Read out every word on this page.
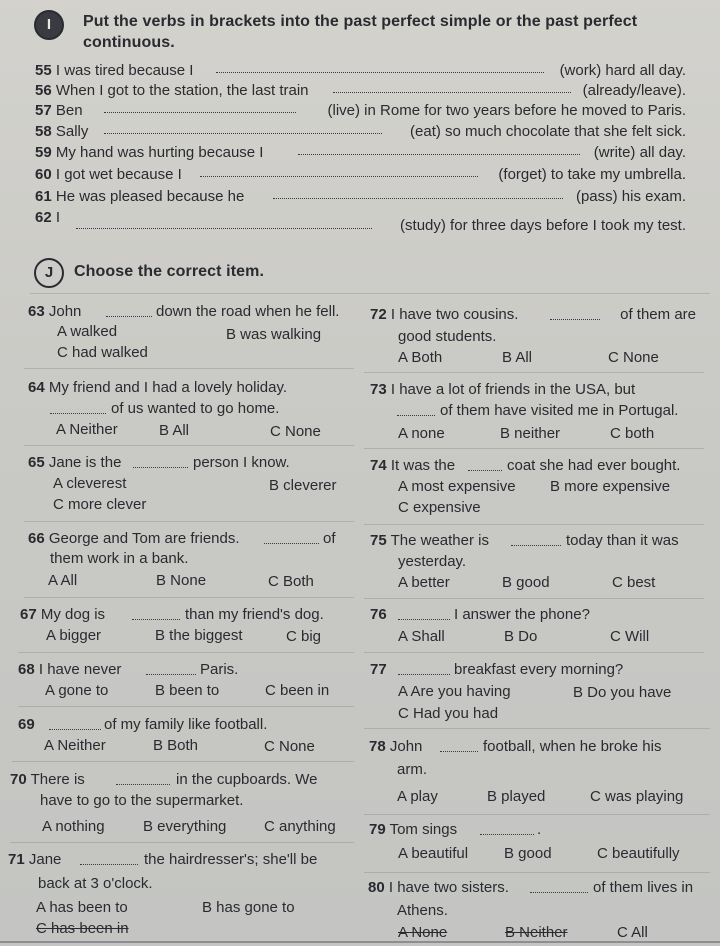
I	Put the verbs in brackets into the past perfect simple or the past perfect
continuous.
55 I was tired because I	(work) hard all day.
56 When I got to the station, the last train	(already/leave).
57 Ben	(live) in Rome for two years before he moved to Paris.
58 Sally	(eat) so much chocolate that she felt sick.
59 My hand was hurting because I	(write) all day.
60 I got wet because I	(forget) to take my umbrella.
61 He was pleased because he	(pass) his exam.
62 I	(study) for three days before I took my test.
J	Choose the correct item.
63 John	down the road when he fell.
A walked	B was walking
C had walked
64 My friend and I had a lovely holiday.
of us wanted to go home.
A Neither	B All	C None
65 Jane is the	person I know.
A cleverest	B cleverer
C more clever
66 George and Tom are friends.	of
them work in a bank.
A All	B None	C Both
67 My dog is	than my friend's dog.
A bigger	B the biggest	C big
68 I have never	Paris.
A gone to	B been to	C been in
69	of my family like football.
A Neither	B Both	C None
70 There is	in the cupboards. We
have to go to the supermarket.
A nothing	B everything	C anything
71 Jane	the hairdresser's; she'll be
back at 3 o'clock.
A has been to	B has gone to
C has been in
72 I have two cousins.	of them are
good students.
A Both	B All	C None
73 I have a lot of friends in the USA, but
of them have visited me in Portugal.
A none	B neither	C both
74 It was the	coat she had ever bought.
A most expensive B more expensive
C expensive
75 The weather is	today than it was
yesterday.
A better	B good	C best
76	I answer the phone?
A Shall	B Do	C Will
77	breakfast every morning?
A Are you having	B Do you have
C Had you had
78 John	football, when he broke his
arm.
A play	B played	C was playing
79 Tom sings	.
A beautiful B good	C beautifully
80 I have two sisters.	of them lives in
Athens.
A None	B Neither	C All
